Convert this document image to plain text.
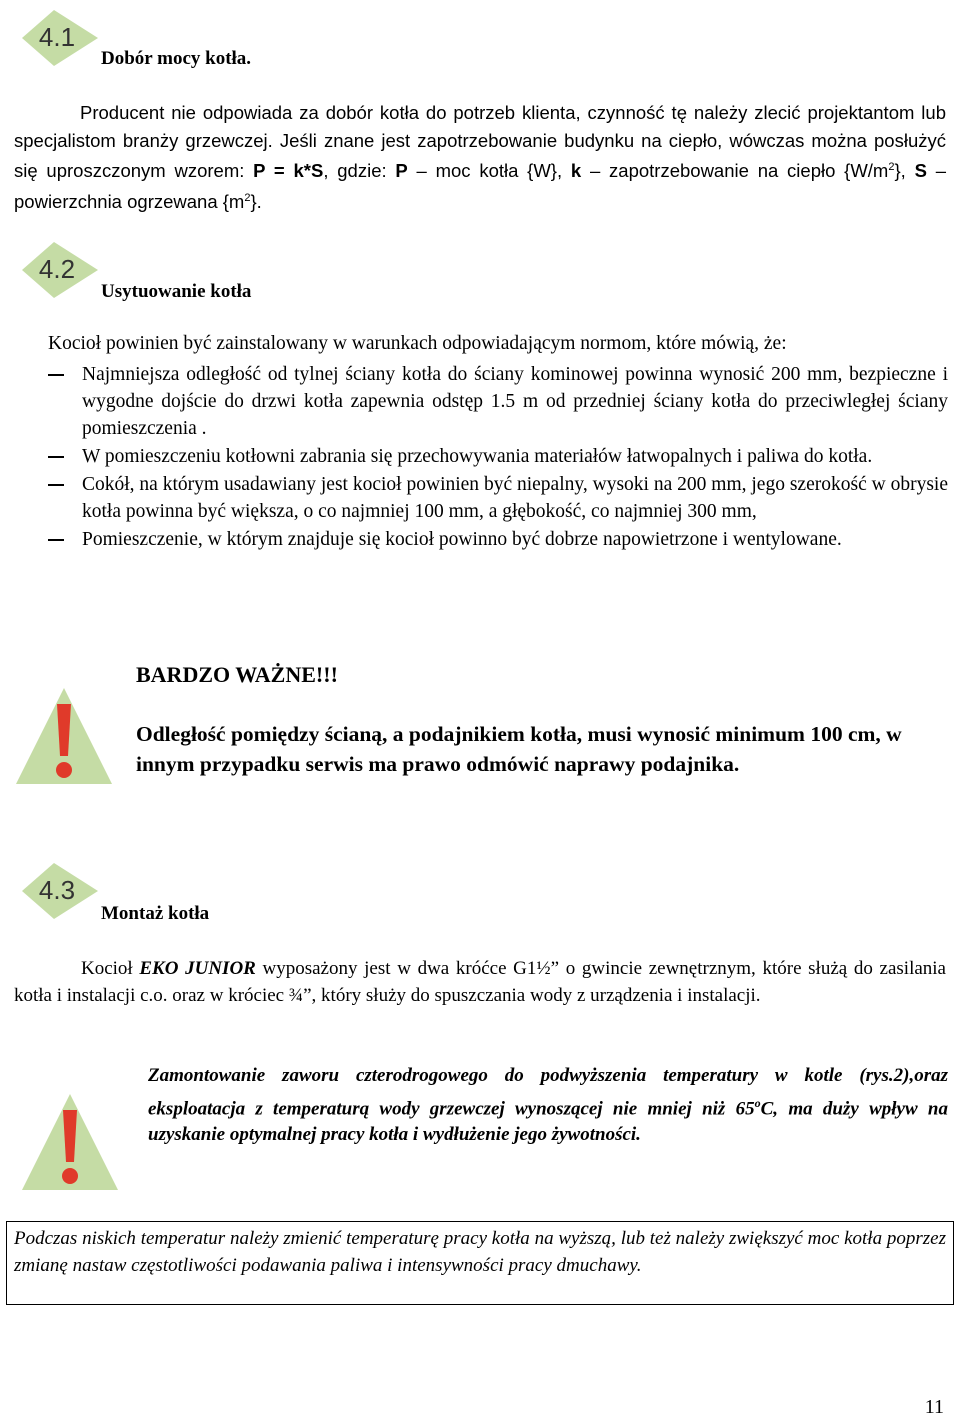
4.1
Dobór mocy kotła.
Producent nie odpowiada za dobór kotła do potrzeb klienta, czynność tę należy zlecić projektantom lub specjalistom branży grzewczej. Jeśli znane jest zapotrzebowanie budynku na ciepło, wówczas można posłużyć się uproszczonym wzorem: P = k*S, gdzie: P – moc kotła {W}, k – zapotrzebowanie na ciepło $\{W/m^2\}$, S – powierzchnia ogrzewana $\{m^2\}$.
4.2
Usytuowanie kotła
Kocioł powinien być zainstalowany w warunkach odpowiadającym normom, które mówią, że:
Najmniejsza odległość od tylnej ściany kotła do ściany kominowej powinna wynosić 200 mm, bezpieczne i wygodne dojście do drzwi kotła zapewnia odstęp 1.5 m od przedniej ściany kotła do przeciwległej ściany pomieszczenia .
W pomieszczeniu kotłowni zabrania się przechowywania materiałów łatwopalnych i paliwa do kotła.
Cokół, na którym usadawiany jest kocioł powinien być niepalny, wysoki na 200 mm, jego szerokość w obrysie kotła powinna być większa, o co najmniej 100 mm, a głębokość, co najmniej 300 mm,
Pomieszczenie, w którym znajduje się kocioł powinno być dobrze napowietrzone i wentylowane.
BARDZO WAŻNE!!!
Odległość pomiędzy ścianą, a podajnikiem kotła, musi wynosić minimum 100 cm, w innym przypadku serwis ma prawo odmówić naprawy podajnika.
4.3
Montaż kotła
Kocioł EKO JUNIOR wyposażony jest w dwa króćce G1½” o gwincie zewnętrznym, które służą do zasilania kotła i instalacji c.o. oraz w króciec ¾”, który służy do spuszczania wody z urządzenia i instalacji.
Zamontowanie zaworu czterodrogowego do podwyższenia temperatury w kotle (rys.2),oraz eksploatacja z temperaturą wody grzewczej wynoszącej nie mniej niż 65$^o$C, ma duży wpływ na uzyskanie optymalnej pracy kotła i wydłużenie jego żywotności.
Podczas niskich temperatur należy zmienić temperaturę pracy kotła na wyższą, lub też należy zwiększyć moc kotła poprzez zmianę nastaw częstotliwości podawania paliwa i intensywności pracy dmuchawy.
11
